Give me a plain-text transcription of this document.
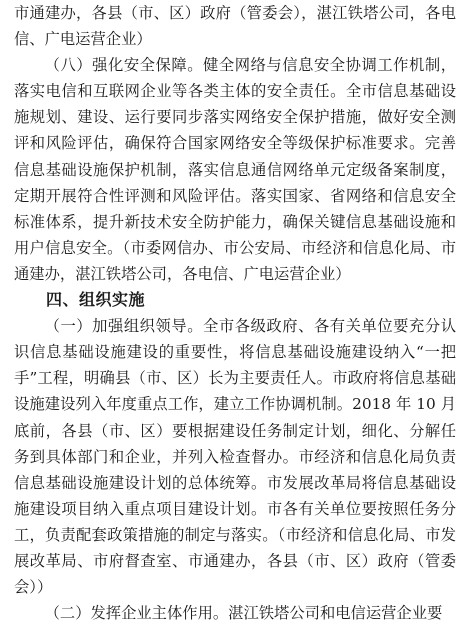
市通建办，各县（市、区）政府（管委会），湛江铁塔公司，各电信、广电运营企业）

（八）强化安全保障。健全网络与信息安全协调工作机制，落实电信和互联网企业等各类主体的安全责任。全市信息基础设施规划、建设、运行要同步落实网络安全保护措施，做好安全测评和风险评估，确保符合国家网络安全等级保护标准要求。完善信息基础设施保护机制，落实信息通信网络单元定级备案制度，定期开展符合性评测和风险评估。落实国家、省网络和信息安全标准体系，提升新技术安全防护能力，确保关键信息基础设施和用户信息安全。（市委网信办、市公安局、市经济和信息化局、市通建办，湛江铁塔公司，各电信、广电运营企业）

四、组织实施

（一）加强组织领导。全市各级政府、各有关单位要充分认识信息基础设施建设的重要性，将信息基础设施建设纳入“一把手”工程，明确县（市、区）长为主要责任人。市政府将信息基础设施建设列入年度重点工作，建立工作协调机制。2018 年 10 月底前，各县（市、区）要根据建设任务制定计划，细化、分解任务到具体部门和企业，并列入检查督办。市经济和信息化局负责信息基础设施建设计划的总体统筹。市发展改革局将信息基础设施建设项目纳入重点项目建设计划。市各有关单位要按照任务分工，负责配套政策措施的制定与落实。（市经济和信息化局、市发展改革局、市府督查室、市通建办，各县（市、区）政府（管委会））

（二）发挥企业主体作用。湛江铁塔公司和电信运营企业要
